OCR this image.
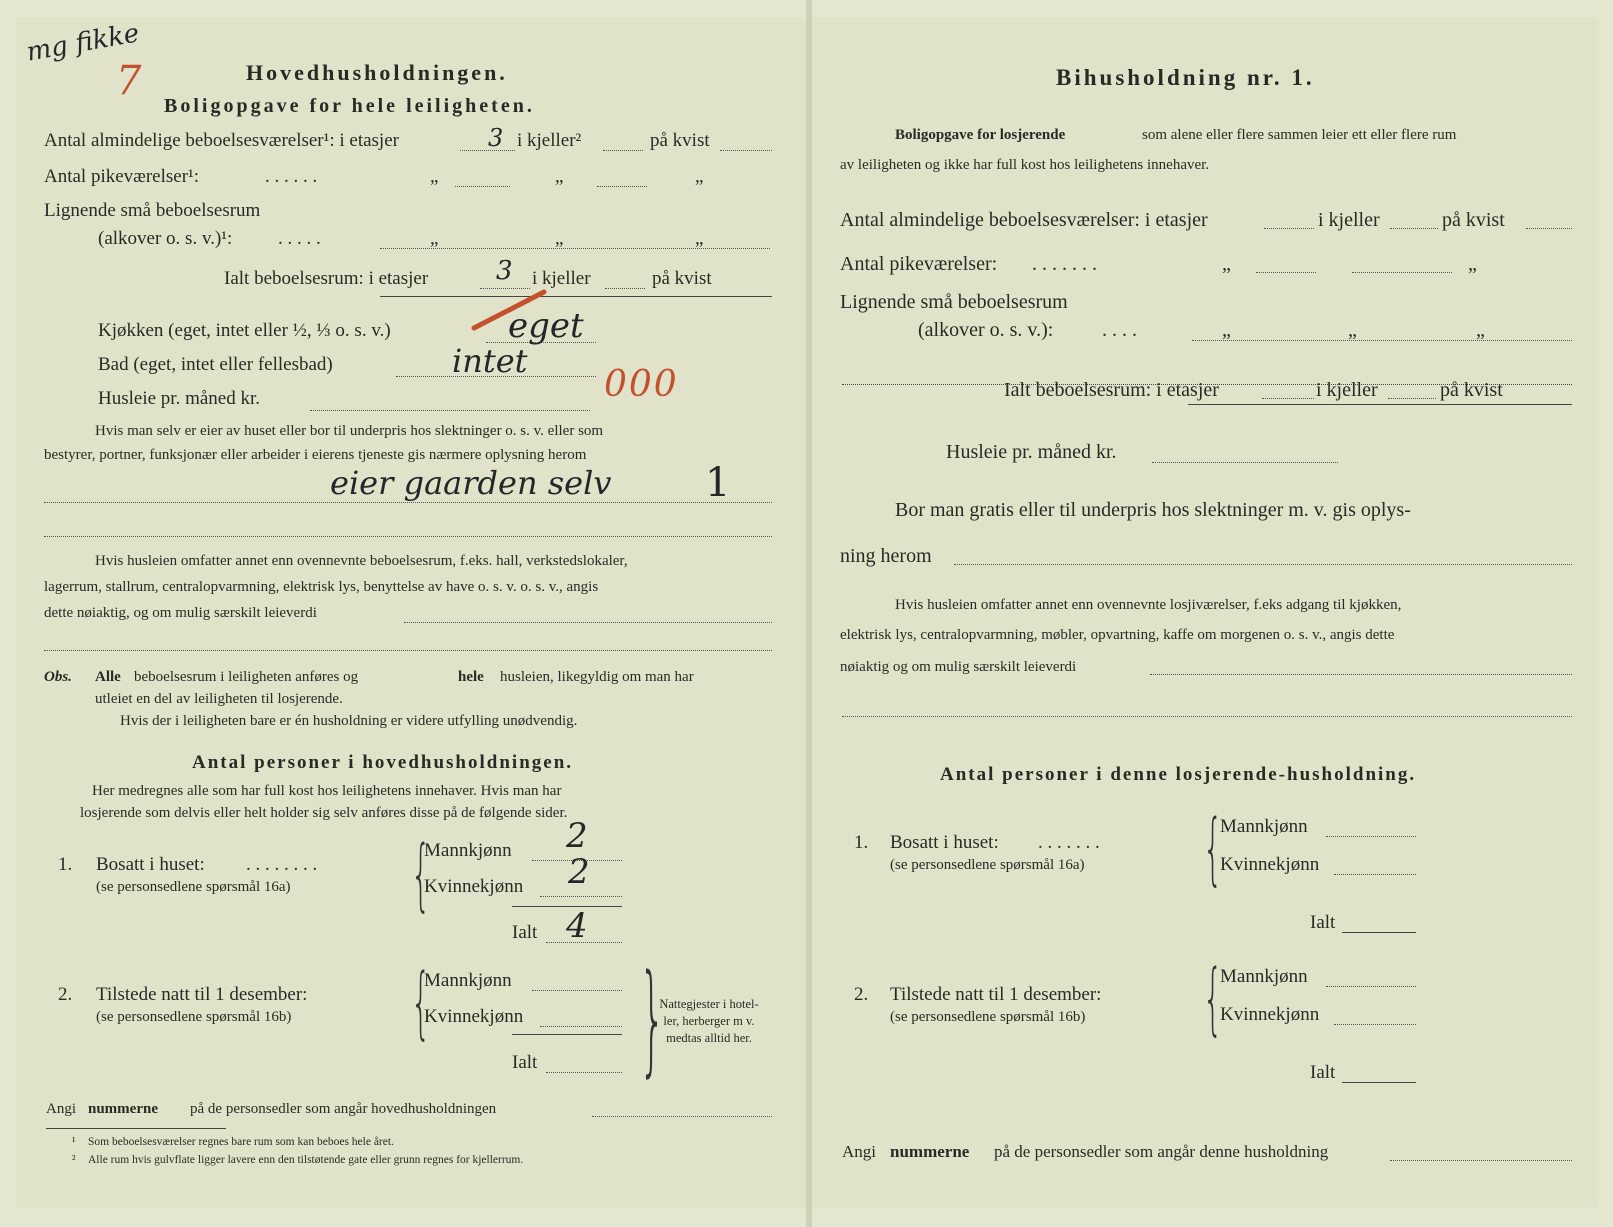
mg fikke
7	Hovedhusholdningen.
Boligopgave for hele leiligheten.
Antal almindelige beboelsesværelser¹: i etasjer	3 i kjeller²	på kvist
Antal pikeværelser¹:	. . . . . .	„	„	„
Lignende små beboelsesrum
(alkover o. s. v.)¹: . . . . .	„	„	„
Ialt beboelsesrum: i etasjer	3 i kjeller	på kvist
Kjøkken (eget, intet eller ½, ⅓ o. s. v.)	eget
Bad (eget, intet eller fellesbad)	intet
Husleie pr. måned kr.	000
Hvis man selv er eier av huset eller bor til underpris hos slektninger o. s. v. eller som
bestyrer, portner, funksjonær eller arbeider i eierens tjeneste gis nærmere oplysning herom
eier gaarden selv 1
Hvis husleien omfatter annet enn ovennevnte beboelsesrum, f.eks. hall, verkstedslokaler,
lagerrum, stallrum, centralopvarmning, elektrisk lys, benyttelse av have o. s. v. o. s. v., angis
dette nøiaktig, og om mulig særskilt leieverdi
Obs. Alle beboelsesrum i leiligheten anføres og	hele husleien, likegyldig om man har
utleiet en del av leiligheten til losjerende.
Hvis der i leiligheten bare er én husholdning er videre utfylling unødvendig.
Antal personer i hovedhusholdningen.
Her medregnes alle som har full kost hos leilighetens innehaver. Hvis man har
losjerende som delvis eller helt holder sig selv anføres disse på de følgende sider.
1. Bosatt i huset: . . . . . . . .
(se personsedlene spørsmål 16a) {
Mannkjønn 2
Kvinnekjønn 2
Ialt 4
2. Tilstede natt til 1 desember:
(se personsedlene spørsmål 16b) {
Mannkjønn
Kvinnekjønn
Ialt }
Nattegjester i hotel-
ler, herberger m v.
medtas alltid her.
Angi nummerne på de personsedler som angår hovedhusholdningen
¹ Som beboelsesværelser regnes bare rum som kan beboes hele året.
² Alle rum hvis gulvflate ligger lavere enn den tilstøtende gate eller grunn regnes for kjellerrum.
Bihusholdning nr. 1.
Boligopgave for losjerende	som alene eller flere sammen leier ett eller flere rum
av leiligheten og ikke har full kost hos leilighetens innehaver.
Antal almindelige beboelsesværelser: i etasjer	i kjeller	på kvist
Antal pikeværelser: . . . . . . .	„	„
Lignende små beboelsesrum
(alkover o. s. v.): . . . .	„	„	„
Ialt beboelsesrum: i etasjer	i kjeller	på kvist
Husleie pr. måned kr.
Bor man gratis eller til underpris hos slektninger m. v. gis oplys-
ning herom
Hvis husleien omfatter annet enn ovennevnte losjiværelser, f.eks adgang til kjøkken,
elektrisk lys, centralopvarmning, møbler, opvartning, kaffe om morgenen o. s. v., angis dette
nøiaktig og om mulig særskilt leieverdi
Antal personer i denne losjerende-husholdning.
1. Bosatt i huset: . . . . . . .
(se personsedlene spørsmål 16a) {
Mannkjønn
Kvinnekjønn
Ialt
2. Tilstede natt til 1 desember:
(se personsedlene spørsmål 16b) {
Mannkjønn
Kvinnekjønn
Ialt
Angi nummerne på de personsedler som angår denne husholdning
